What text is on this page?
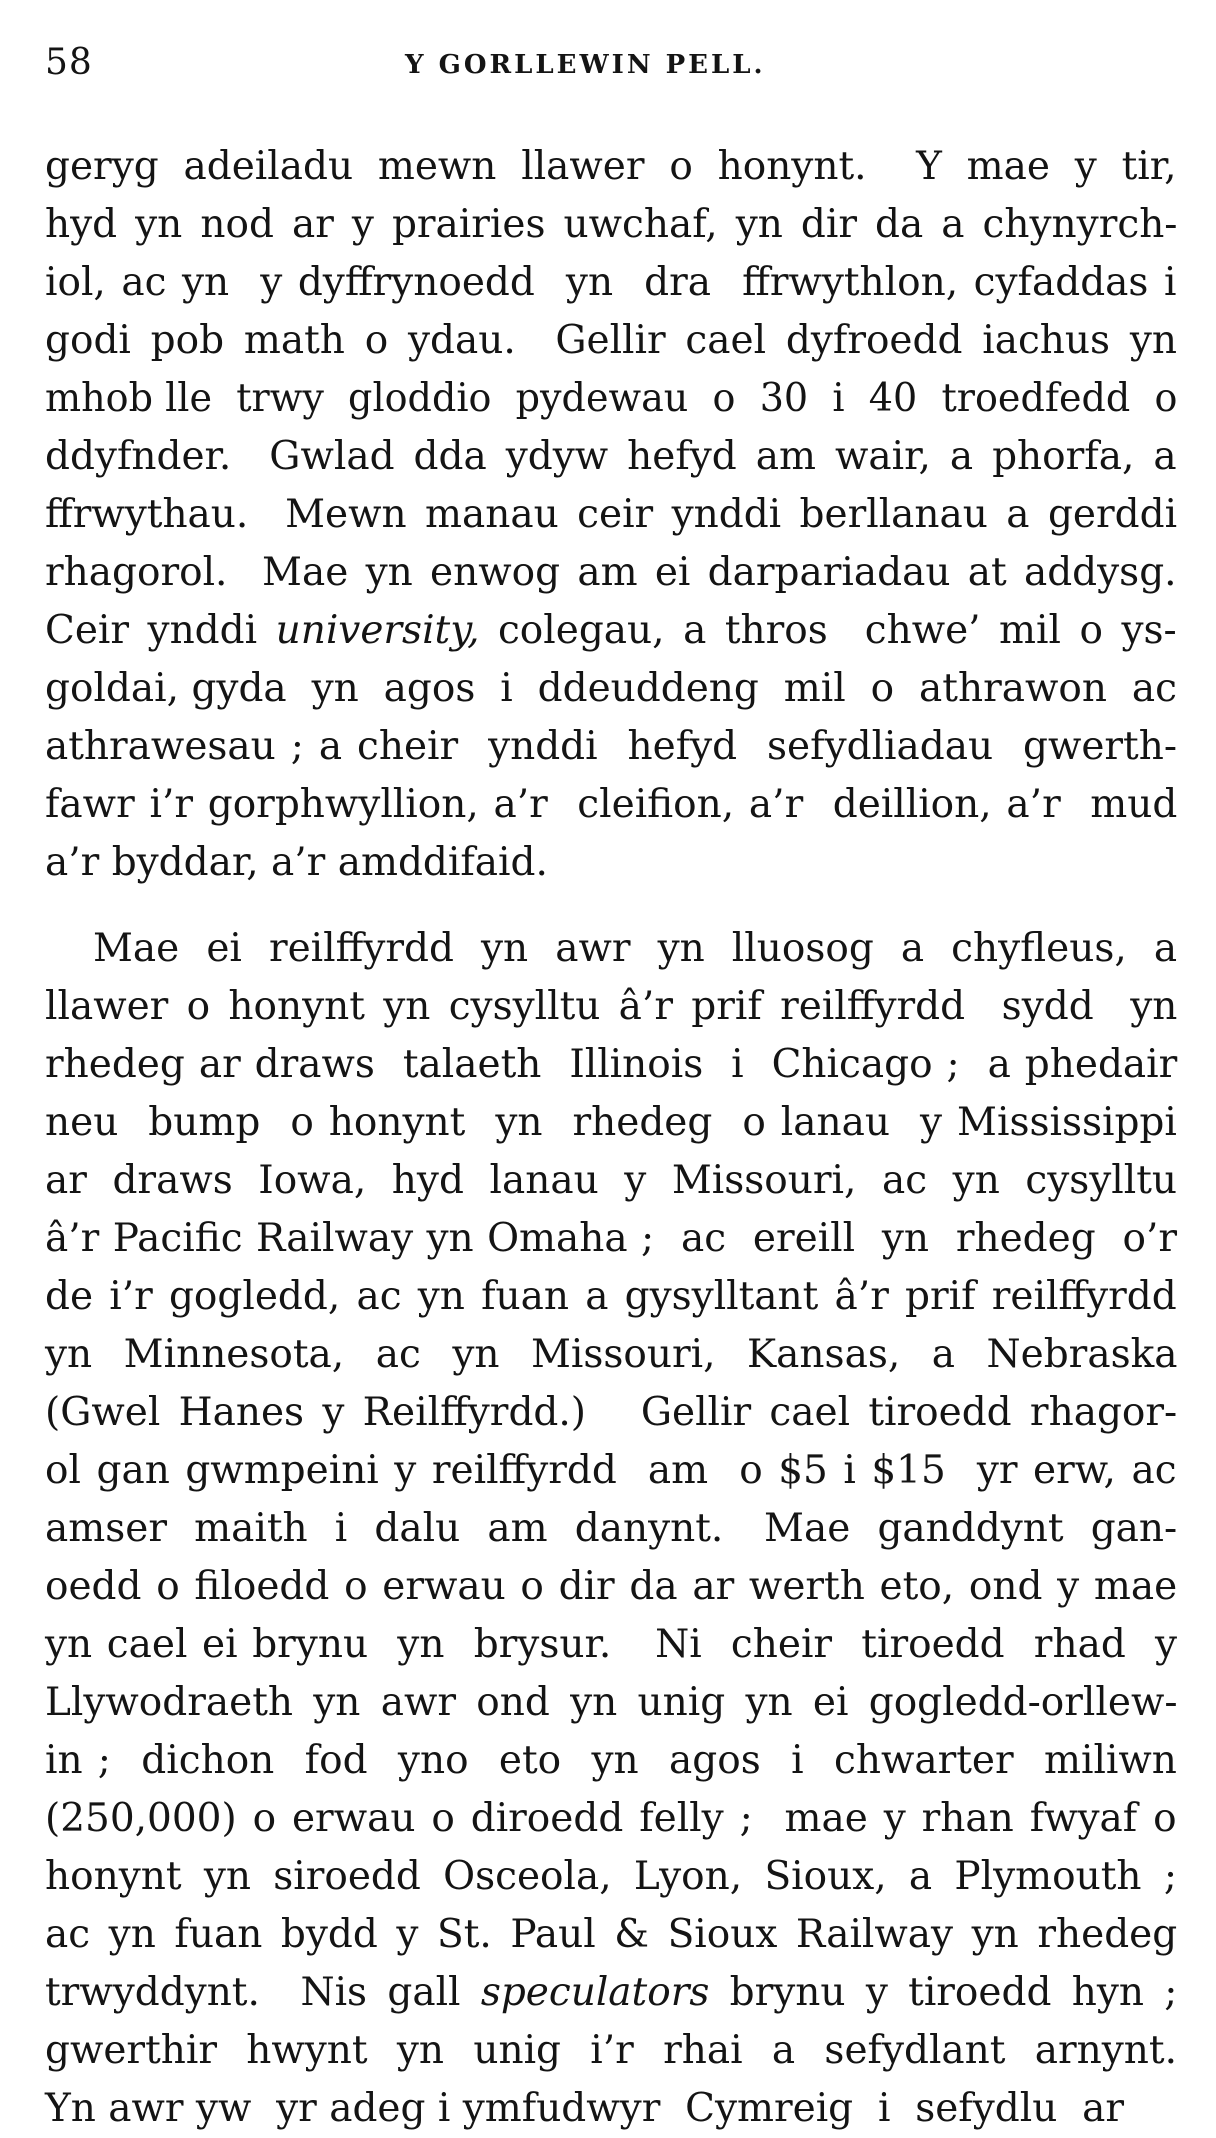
58	Y GORLLEWIN PELL.
geryg adeiladu mewn llawer o honynt.  Y mae y tir,
hyd yn nod ar y prairies uwchaf, yn dir da a chynyrch-
iol, ac yn  y dyffrynoedd  yn  dra  ffrwythlon, cyfaddas i
godi pob math o ydau.  Gellir cael dyfroedd iachus yn
mhob lle  trwy  gloddio  pydewau  o  30  i  40  troedfedd  o
ddyfnder.  Gwlad dda ydyw hefyd am wair, a phorfa, a
ffrwythau.  Mewn manau ceir ynddi berllanau a gerddi
rhagorol.  Mae yn enwog am ei darpariadau at addysg.
Ceir ynddi university, colegau, a thros  chwe’ mil o ys-
goldai, gyda  yn  agos  i  ddeuddeng  mil  o  athrawon  ac
athrawesau ; a cheir  ynddi  hefyd  sefydliadau  gwerth-
fawr i’r gorphwyllion, a’r  cleifion, a’r  deillion, a’r  mud
a’r byddar, a’r amddifaid.
Mae ei reilffyrdd yn awr yn lluosog a chyfleus, a
llawer o honynt yn cysylltu â’r prif reilffyrdd  sydd  yn
rhedeg ar draws  talaeth  Illinois  i  Chicago ;  a phedair
neu  bump  o honynt  yn  rhedeg  o lanau  y Mississippi
ar  draws  Iowa,  hyd  lanau  y  Missouri,  ac  yn  cysylltu
â’r Pacific Railway yn Omaha ;  ac  ereill  yn  rhedeg  o’r
de i’r gogledd, ac yn fuan a gysylltant â’r prif reilffyrdd
yn  Minnesota,  ac  yn  Missouri,  Kansas,  a  Nebraska
(Gwel Hanes y Reilffyrdd.)   Gellir cael tiroedd rhagor-
ol gan gwmpeini y reilffyrdd  am  o $5 i $15  yr erw, ac
amser  maith  i  dalu  am  danynt.   Mae  ganddynt  gan-
oedd o filoedd o erwau o dir da ar werth eto, ond y mae
yn cael ei brynu  yn  brysur.   Ni  cheir  tiroedd  rhad  y
Llywodraeth yn awr ond yn unig yn ei gogledd-orllew-
in ;  dichon  fod  yno  eto  yn  agos  i  chwarter  miliwn
(250,000) o erwau o diroedd felly ;  mae y rhan fwyaf o
honynt yn siroedd Osceola, Lyon, Sioux, a Plymouth ;
ac yn fuan bydd y St. Paul & Sioux Railway yn rhedeg
trwyddynt.  Nis gall speculators brynu y tiroedd hyn ;
gwerthir  hwynt  yn  unig  i’r  rhai  a  sefydlant  arnynt.
Yn awr yw  yr adeg i ymfudwyr  Cymreig  i  sefydlu  ar
